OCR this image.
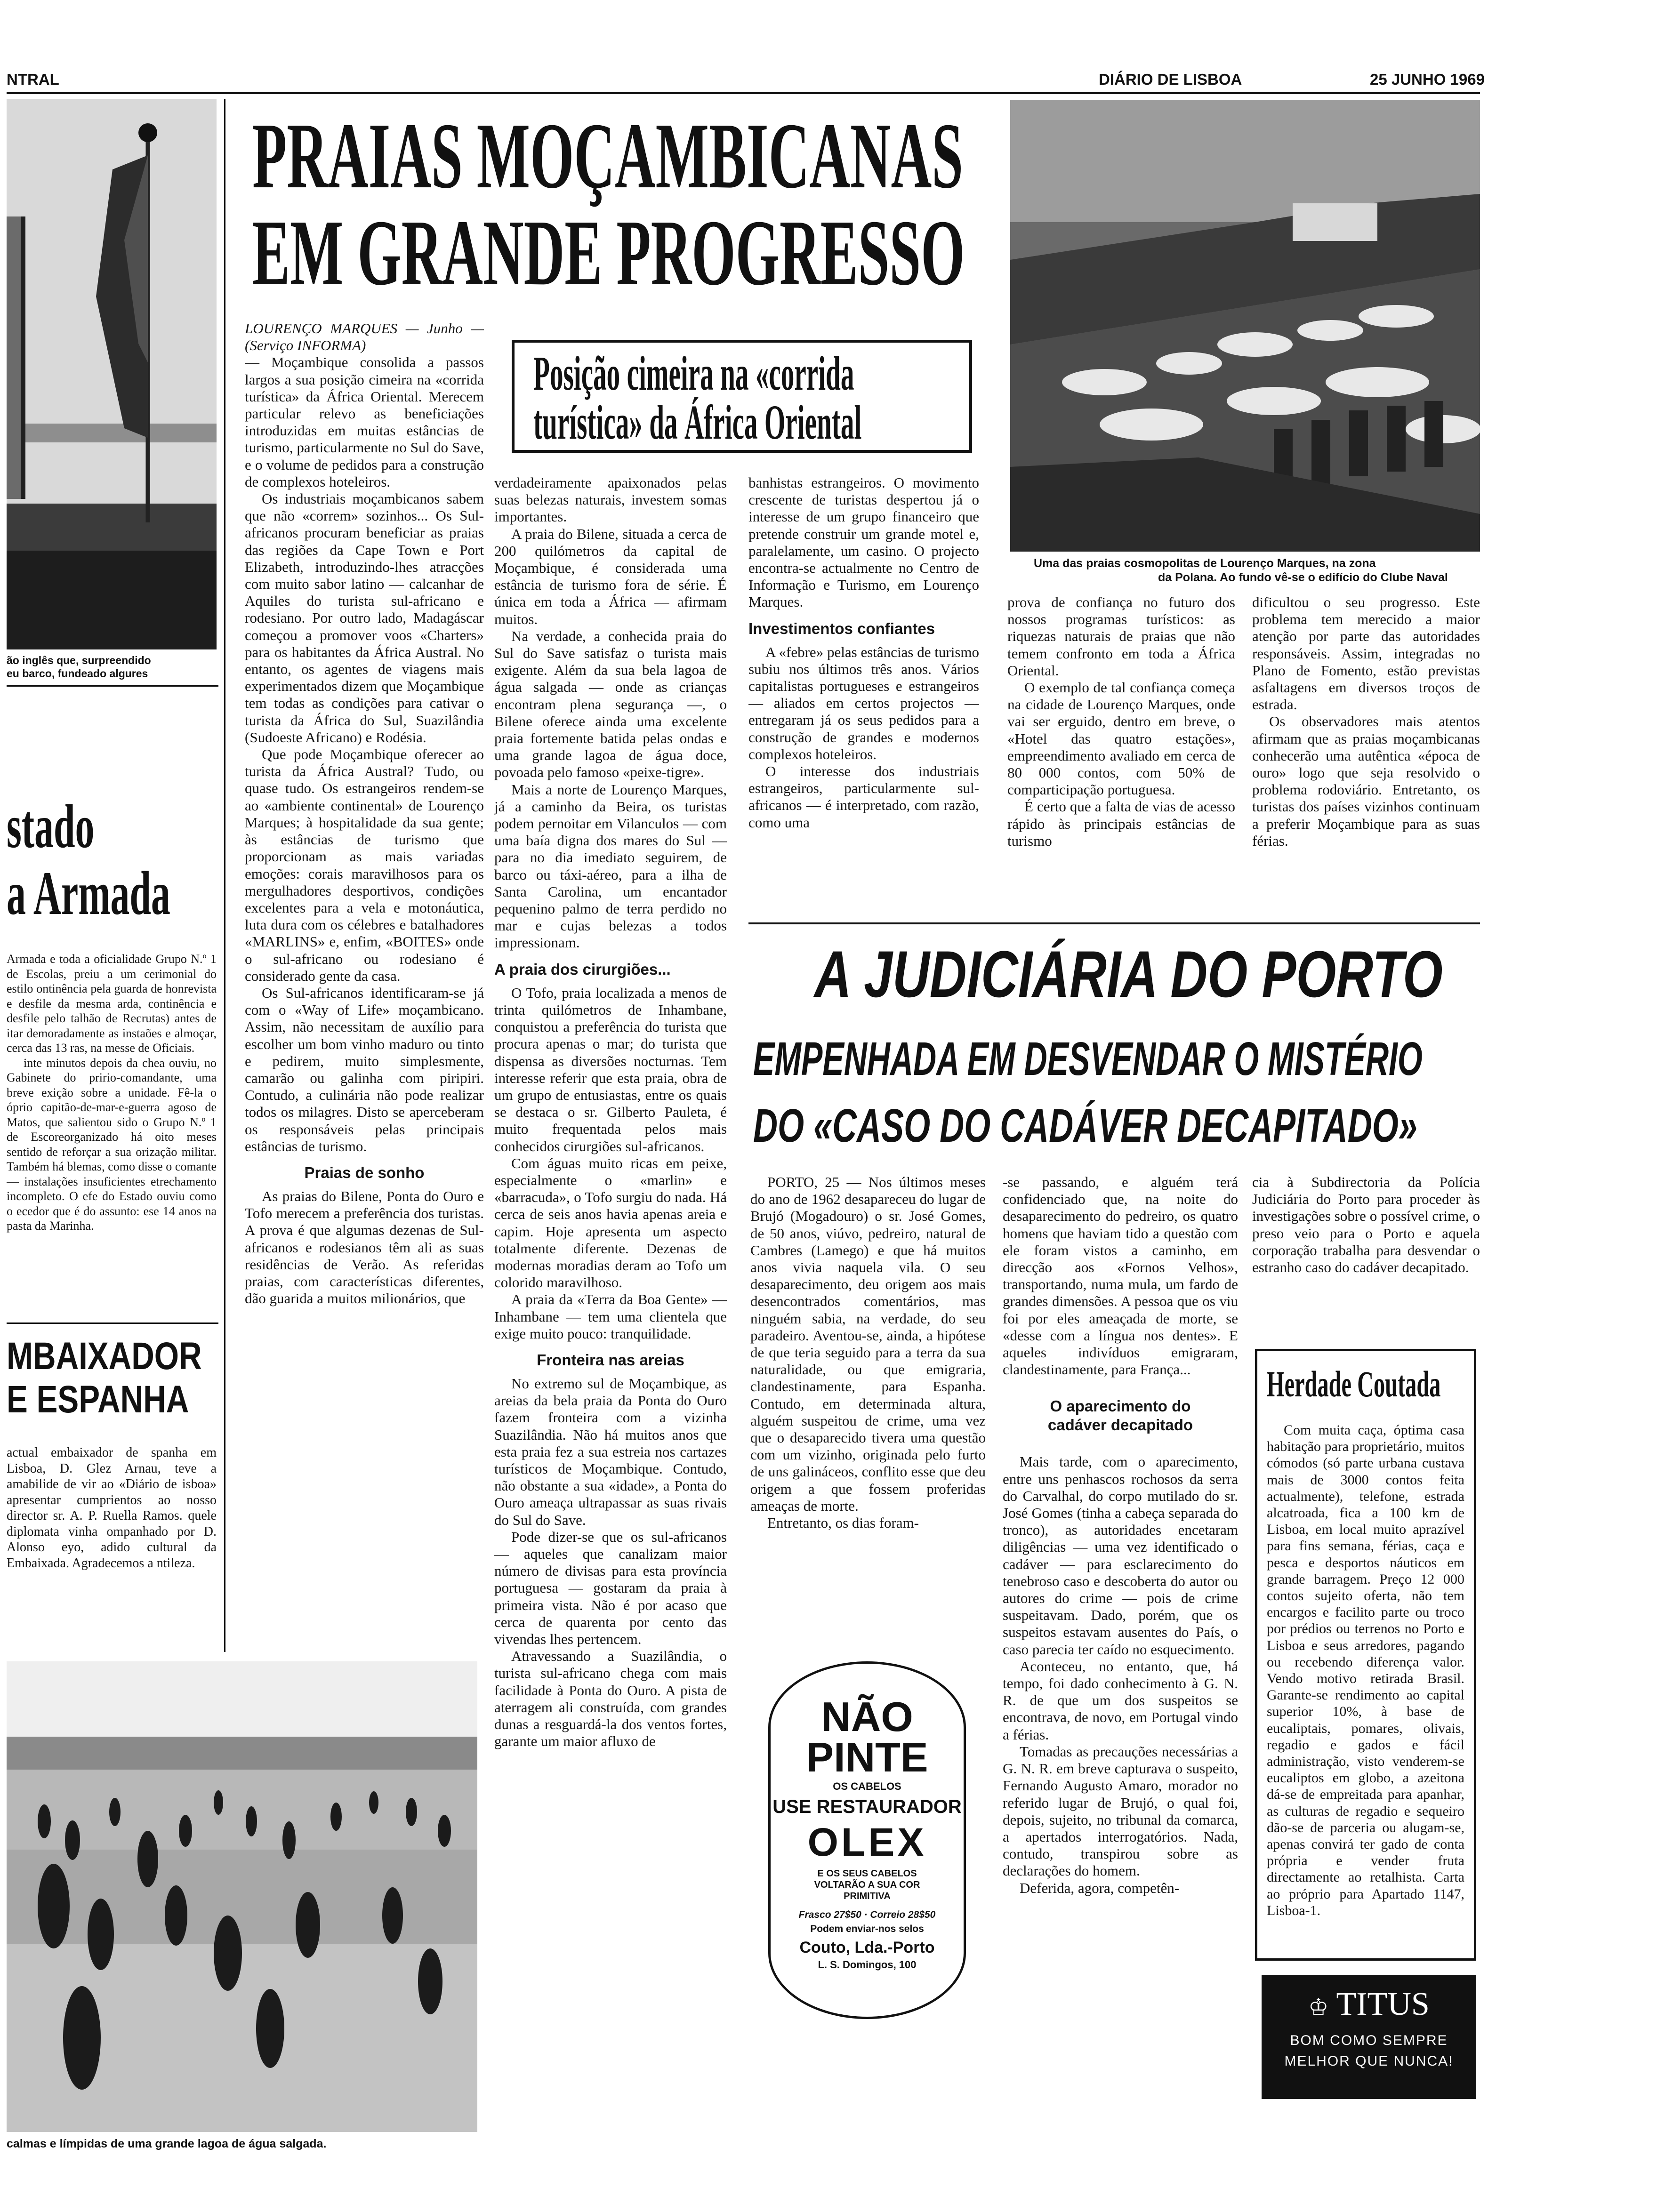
NTRAL	DIÁRIO DE LISBOA	25 JUNHO 1969
ão inglês que, surpreendido
eu barco, fundeado algures
stado
a Armada

Armada e toda a oficialidade Grupo N.º 1 de Escolas, preiu a um cerimonial do estilo ontinência pela guarda de honrevista e desfile da mesma arda, continência e desfile pelo talhão de Recrutas) antes de itar demoradamente as instaões e almoçar, cerca das 13 ras, na messe de Oficiais.

inte minutos depois da chea ouviu, no Gabinete do pririo-comandante, uma breve exição sobre a unidade. Fê-la o óprio capitão-de-mar-e-guerra agoso de Matos, que salientou sido o Grupo N.º 1 de Escoreorganizado há oito meses sentido de reforçar a sua orização militar. Também há blemas, como disse o comante — instalações insuficientes etrechamento incompleto. O efe do Estado ouviu como o ecedor que é do assunto: ese 14 anos na pasta da Marinha.

MBAIXADOR
E ESPANHA

actual embaixador de spanha em Lisboa, D. Glez Arnau, teve a amabilide de vir ao «Diário de isboa» apresentar cumprientos ao nosso director sr. A. P. Ruella Ramos. quele diplomata vinha ompanhado por D. Alonso eyo, adido cultural da Embaixada. Agradecemos a ntileza.

calmas e límpidas de uma grande lagoa de água salgada.
PRAIAS MOÇAMBICANAS
EM GRANDE PROGRESSO
Posição cimeira na «corrida
turística» da África Oriental

LOURENÇO MARQUES — Junho — (Serviço INFORMA)

— Moçambique consolida a passos largos a sua posição cimeira na «corrida turística» da África Oriental. Merecem particular relevo as beneficiações introduzidas em muitas estâncias de turismo, particularmente no Sul do Save, e o volume de pedidos para a construção de complexos hoteleiros.

Os industriais moçambicanos sabem que não «correm» sozinhos... Os Sul-africanos procuram beneficiar as praias das regiões da Cape Town e Port Elizabeth, introduzindo-lhes atracções com muito sabor latino — calcanhar de Aquiles do turista sul-africano e rodesiano. Por outro lado, Madagáscar começou a promover voos «Charters» para os habitantes da África Austral. No entanto, os agentes de viagens mais experimentados dizem que Moçambique tem todas as condições para cativar o turista da África do Sul, Suazilândia (Sudoeste Africano) e Rodésia.

Que pode Moçambique oferecer ao turista da África Austral? Tudo, ou quase tudo. Os estrangeiros rendem-se ao «ambiente continental» de Lourenço Marques; à hospitalidade da sua gente; às estâncias de turismo que proporcionam as mais variadas emoções: corais maravilhosos para os mergulhadores desportivos, condições excelentes para a vela e motonáutica, luta dura com os célebres e batalhadores «MARLINS» e, enfim, «BOITES» onde o sul-africano ou rodesiano é considerado gente da casa.

Os Sul-africanos identificaram-se já com o «Way of Life» moçambicano. Assim, não necessitam de auxílio para escolher um bom vinho maduro ou tinto e pedirem, muito simplesmente, camarão ou galinha com piripiri. Contudo, a culinária não pode realizar todos os milagres. Disto se aperceberam os responsáveis pelas principais estâncias de turismo.

Praias de sonho

As praias do Bilene, Ponta do Ouro e Tofo merecem a preferência dos turistas. A prova é que algumas dezenas de Sul-africanos e rodesianos têm ali as suas residências de Verão. As referidas praias, com características diferentes, dão guarida a muitos milionários, que

verdadeiramente apaixonados pelas suas belezas naturais, investem somas importantes.

A praia do Bilene, situada a cerca de 200 quilómetros da capital de Moçambique, é considerada uma estância de turismo fora de série. É única em toda a África — afirmam muitos.

Na verdade, a conhecida praia do Sul do Save satisfaz o turista mais exigente. Além da sua bela lagoa de água salgada — onde as crianças encontram plena segurança —, o Bilene oferece ainda uma excelente praia fortemente batida pelas ondas e uma grande lagoa de água doce, povoada pelo famoso «peixe-tigre».

Mais a norte de Lourenço Marques, já a caminho da Beira, os turistas podem pernoitar em Vilanculos — com uma baía digna dos mares do Sul — para no dia imediato seguirem, de barco ou táxi-aéreo, para a ilha de Santa Carolina, um encantador pequenino palmo de terra perdido no mar e cujas belezas a todos impressionam.

A praia dos cirurgiões...

O Tofo, praia localizada a menos de trinta quilómetros de Inhambane, conquistou a preferência do turista que procura apenas o mar; do turista que dispensa as diversões nocturnas. Tem interesse referir que esta praia, obra de um grupo de entusiastas, entre os quais se destaca o sr. Gilberto Pauleta, é muito frequentada pelos mais conhecidos cirurgiões sul-africanos.

Com águas muito ricas em peixe, especialmente o «marlin» e «barracuda», o Tofo surgiu do nada. Há cerca de seis anos havia apenas areia e capim. Hoje apresenta um aspecto totalmente diferente. Dezenas de modernas moradias deram ao Tofo um colorido maravilhoso.

A praia da «Terra da Boa Gente» — Inhambane — tem uma clientela que exige muito pouco: tranquilidade.

Fronteira nas areias

No extremo sul de Moçambique, as areias da bela praia da Ponta do Ouro fazem fronteira com a vizinha Suazilândia. Não há muitos anos que esta praia fez a sua estreia nos cartazes turísticos de Moçambique. Contudo, não obstante a sua «idade», a Ponta do Ouro ameaça ultrapassar as suas rivais do Sul do Save.

Pode dizer-se que os sul-africanos — aqueles que canalizam maior número de divisas para esta província portuguesa — gostaram da praia à primeira vista. Não é por acaso que cerca de quarenta por cento das vivendas lhes pertencem.

Atravessando a Suazilândia, o turista sul-africano chega com mais facilidade à Ponta do Ouro. A pista de aterragem ali construída, com grandes dunas a resguardá-la dos ventos fortes, garante um maior afluxo de

banhistas estrangeiros. O movimento crescente de turistas despertou já o interesse de um grupo financeiro que pretende construir um grande motel e, paralelamente, um casino. O projecto encontra-se actualmente no Centro de Informação e Turismo, em Lourenço Marques.

Investimentos confiantes

A «febre» pelas estâncias de turismo subiu nos últimos três anos. Vários capitalistas portugueses e estrangeiros — aliados em certos projectos — entregaram já os seus pedidos para a construção de grandes e modernos complexos hoteleiros.

O interesse dos industriais estrangeiros, particularmente sul-africanos — é interpretado, com razão, como uma

Uma das praias cosmopolitas de Lourenço Marques, na zona
da Polana. Ao fundo vê-se o edifício do Clube Naval

prova de confiança no futuro dos nossos programas turísticos: as riquezas naturais de praias que não temem confronto em toda a África Oriental.

O exemplo de tal confiança começa na cidade de Lourenço Marques, onde vai ser erguido, dentro em breve, o «Hotel das quatro estações», empreendimento avaliado em cerca de 80 000 contos, com 50% de comparticipação portuguesa.

É certo que a falta de vias de acesso rápido às principais estâncias de turismo

dificultou o seu progresso. Este problema tem merecido a maior atenção por parte das autoridades responsáveis. Assim, integradas no Plano de Fomento, estão previstas asfaltagens em diversos troços de estrada.

Os observadores mais atentos afirmam que as praias moçambicanas conhecerão uma autêntica «época de ouro» logo que seja resolvido o problema rodoviário. Entretanto, os turistas dos países vizinhos continuam a preferir Moçambique para as suas férias.

A JUDICIÁRIA DO PORTO
EMPENHADA EM DESVENDAR O MISTÉRIO
DO «CASO DO CADÁVER DECAPITADO»

PORTO, 25 — Nos últimos meses do ano de 1962 desapareceu do lugar de Brujó (Mogadouro) o sr. José Gomes, de 50 anos, viúvo, pedreiro, natural de Cambres (Lamego) e que há muitos anos vivia naquela vila. O seu desaparecimento, deu origem aos mais desencontrados comentários, mas ninguém sabia, na verdade, do seu paradeiro. Aventou-se, ainda, a hipótese de que teria seguido para a terra da sua naturalidade, ou que emigraria, clandestinamente, para Espanha. Contudo, em determinada altura, alguém suspeitou de crime, uma vez que o desaparecido tivera uma questão com um vizinho, originada pelo furto de uns galináceos, conflito esse que deu origem a que fossem proferidas ameaças de morte.

Entretanto, os dias foram-

-se passando, e alguém terá confidenciado que, na noite do desaparecimento do pedreiro, os quatro homens que haviam tido a questão com ele foram vistos a caminho, em direcção aos «Fornos Velhos», transportando, numa mula, um fardo de grandes dimensões. A pessoa que os viu foi por eles ameaçada de morte, se «desse com a língua nos dentes». E aqueles indivíduos emigraram, clandestinamente, para França...

O aparecimento do cadáver decapitado

Mais tarde, com o aparecimento, entre uns penhascos rochosos da serra do Carvalhal, do corpo mutilado do sr. José Gomes (tinha a cabeça separada do tronco), as autoridades encetaram diligências — uma vez identificado o cadáver — para esclarecimento do tenebroso caso e descoberta do autor ou autores do crime — pois de crime suspeitavam. Dado, porém, que os suspeitos estavam ausentes do País, o caso parecia ter caído no esquecimento.

Aconteceu, no entanto, que, há tempo, foi dado conhecimento à G. N. R. de que um dos suspeitos se encontrava, de novo, em Portugal vindo a férias.

Tomadas as precauções necessárias a G. N. R. em breve capturava o suspeito, Fernando Augusto Amaro, morador no referido lugar de Brujó, o qual foi, depois, sujeito, no tribunal da comarca, a apertados interrogatórios. Nada, contudo, transpirou sobre as declarações do homem.

Deferida, agora, competên-

cia à Subdirectoria da Polícia Judiciária do Porto para proceder às investigações sobre o possível crime, o preso veio para o Porto e aquela corporação trabalha para desvendar o estranho caso do cadáver decapitado.

NÃO
PINTE
OS CABELOS
USE RESTAURADOR
OLEX
E OS SEUS CABELOS VOLTARÃO A SUA COR PRIMITIVA
Frasco 27$50 · Correio 28$50
Podem enviar-nos selos
Couto, Lda.-Porto
L. S. Domingos, 100
Herdade Coutada

Com muita caça, óptima casa habitação para proprietário, muitos cómodos (só parte urbana custava mais de 3000 contos feita actualmente), telefone, estrada alcatroada, fica a 100 km de Lisboa, em local muito aprazível para fins semana, férias, caça e pesca e desportos náuticos em grande barragem. Preço 12 000 contos sujeito oferta, não tem encargos e facilito parte ou troco por prédios ou terrenos no Porto e Lisboa e seus arredores, pagando ou recebendo diferença valor. Vendo motivo retirada Brasil. Garante-se rendimento ao capital superior 10%, à base de eucaliptais, pomares, olivais, regadio e gados e fácil administração, visto venderem-se eucaliptos em globo, a azeitona dá-se de empreitada para apanhar, as culturas de regadio e sequeiro dão-se de parceria ou alugam-se, apenas convirá ter gado de conta própria e vender fruta directamente ao retalhista. Carta ao próprio para Apartado 1147, Lisboa-1.

♔ TITUS
BOM COMO SEMPRE
MELHOR QUE NUNCA!
